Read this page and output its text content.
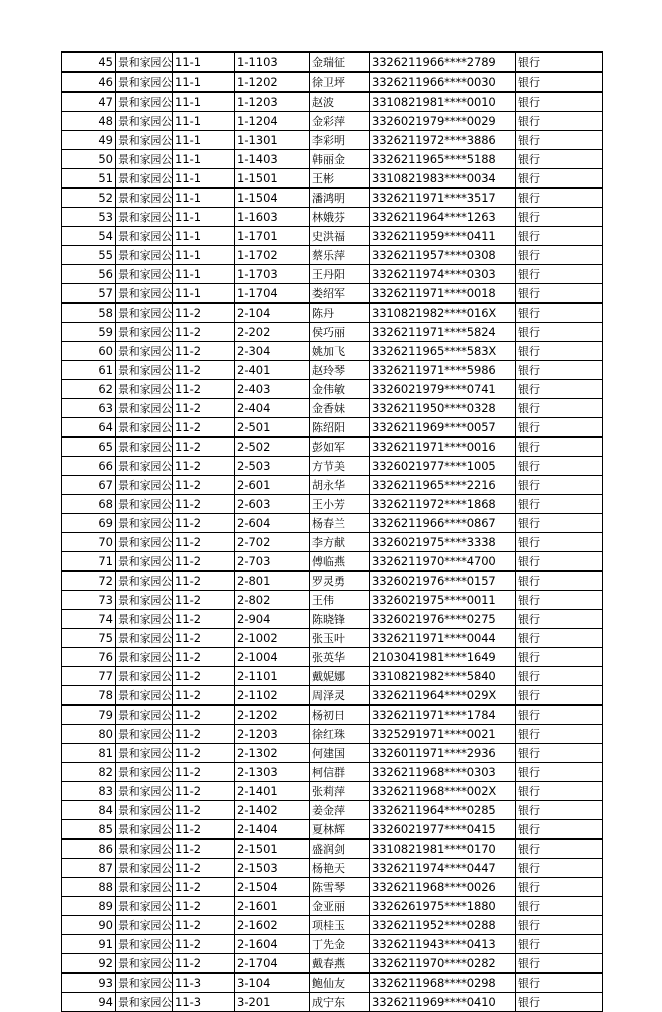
45	景和家园公	11-1	1-1103	金瑞征	3326211966****2789	银行
46	景和家园公	11-1	1-1202	徐卫坪	3326211966****0030	银行
47	景和家园公	11-1	1-1203	赵波	3310821981****0010	银行
48	景和家园公	11-1	1-1204	金彩萍	3326021979****0029	银行
49	景和家园公	11-1	1-1301	李彩明	3326211972****3886	银行
50	景和家园公	11-1	1-1403	韩丽金	3326211965****5188	银行
51	景和家园公	11-1	1-1501	王彬	3310821983****0034	银行
52	景和家园公	11-1	1-1504	潘鸿明	3326211971****3517	银行
53	景和家园公	11-1	1-1603	林娥芬	3326211964****1263	银行
54	景和家园公	11-1	1-1701	史洪福	3326211959****0411	银行
55	景和家园公	11-1	1-1702	蔡乐萍	3326211957****0308	银行
56	景和家园公	11-1	1-1703	王丹阳	3326211974****0303	银行
57	景和家园公	11-1	1-1704	娄绍军	3326211971****0018	银行
58	景和家园公	11-2	2-104	陈丹	3310821982****016X	银行
59	景和家园公	11-2	2-202	侯巧丽	3326211971****5824	银行
60	景和家园公	11-2	2-304	姚加飞	3326211965****583X	银行
61	景和家园公	11-2	2-401	赵玲琴	3326211971****5986	银行
62	景和家园公	11-2	2-403	金伟敏	3326021979****0741	银行
63	景和家园公	11-2	2-404	金香妹	3326211950****0328	银行
64	景和家园公	11-2	2-501	陈绍阳	3326211969****0057	银行
65	景和家园公	11-2	2-502	彭如军	3326211971****0016	银行
66	景和家园公	11-2	2-503	方节美	3326021977****1005	银行
67	景和家园公	11-2	2-601	胡永华	3326211965****2216	银行
68	景和家园公	11-2	2-603	王小芳	3326211972****1868	银行
69	景和家园公	11-2	2-604	杨春兰	3326211966****0867	银行
70	景和家园公	11-2	2-702	李方献	3326021975****3338	银行
71	景和家园公	11-2	2-703	傅临燕	3326211970****4700	银行
72	景和家园公	11-2	2-801	罗灵勇	3326021976****0157	银行
73	景和家园公	11-2	2-802	王伟	3326021975****0011	银行
74	景和家园公	11-2	2-904	陈晓锋	3326021976****0275	银行
75	景和家园公	11-2	2-1002	张玉叶	3326211971****0044	银行
76	景和家园公	11-2	2-1004	张英华	2103041981****1649	银行
77	景和家园公	11-2	2-1101	戴妮娜	3310821982****5840	银行
78	景和家园公	11-2	2-1102	周泽灵	3326211964****029X	银行
79	景和家园公	11-2	2-1202	杨初日	3326211971****1784	银行
80	景和家园公	11-2	2-1203	徐红珠	3325291971****0021	银行
81	景和家园公	11-2	2-1302	何建国	3326011971****2936	银行
82	景和家园公	11-2	2-1303	柯信群	3326211968****0303	银行
83	景和家园公	11-2	2-1401	张莉萍	3326211968****002X	银行
84	景和家园公	11-2	2-1402	姜金萍	3326211964****0285	银行
85	景和家园公	11-2	2-1404	夏林辉	3326021977****0415	银行
86	景和家园公	11-2	2-1501	盛润剑	3310821981****0170	银行
87	景和家园公	11-2	2-1503	杨艳天	3326211974****0447	银行
88	景和家园公	11-2	2-1504	陈雪琴	3326211968****0026	银行
89	景和家园公	11-2	2-1601	金亚丽	3326261975****1880	银行
90	景和家园公	11-2	2-1602	项桂玉	3326211952****0288	银行
91	景和家园公	11-2	2-1604	丁先金	3326211943****0413	银行
92	景和家园公	11-2	2-1704	戴春燕	3326211970****0282	银行
93	景和家园公	11-3	3-104	鲍仙友	3326211968****0298	银行
94	景和家园公	11-3	3-201	成宁东	3326211969****0410	银行
